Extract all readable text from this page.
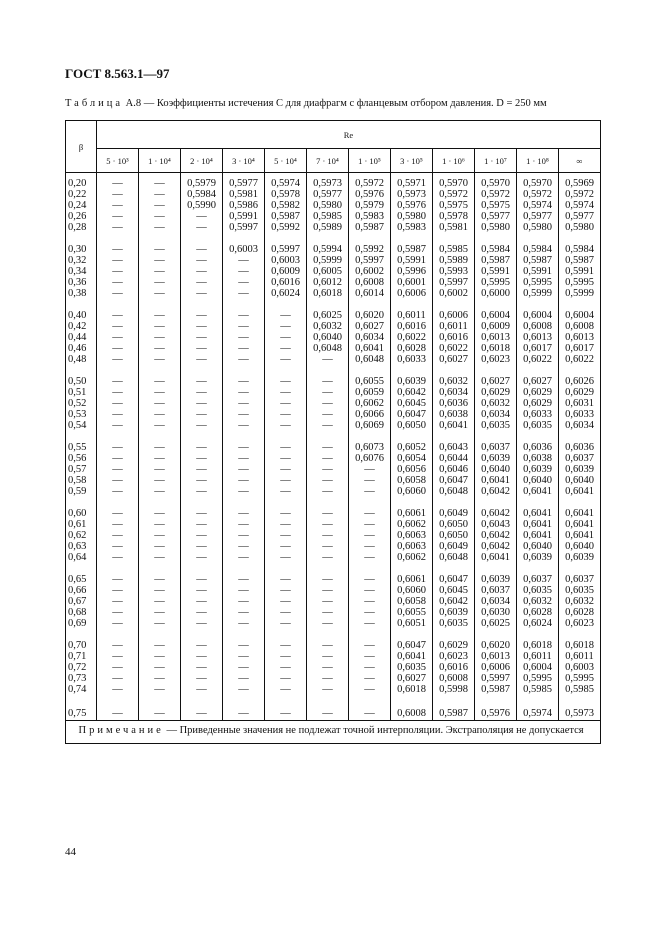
ГОСТ 8.563.1—97
Таблица А.8 — Коэффициенты истечения C для диафрагм с фланцевым отбором давления. D = 250 мм
β	Re											
	5 · 10³	1 · 10⁴	2 · 10⁴	3 · 10⁴	5 · 10⁴	7 · 10⁴	1 · 10⁵	3 · 10⁵	1 · 10⁶	1 · 10⁷	1 · 10⁸	∞

0,20	—	—	0,5979	0,5977	0,5974	0,5973	0,5972	0,5971	0,5970	0,5970	0,5970	0,5969
0,22	—	—	0,5984	0,5981	0,5978	0,5977	0,5976	0,5973	0,5972	0,5972	0,5972	0,5972
0,24	—	—	0,5990	0,5986	0,5982	0,5980	0,5979	0,5976	0,5975	0,5975	0,5974	0,5974
0,26	—	—	—	0,5991	0,5987	0,5985	0,5983	0,5980	0,5978	0,5977	0,5977	0,5977
0,28	—	—	—	0,5997	0,5992	0,5989	0,5987	0,5983	0,5981	0,5980	0,5980	0,5980

0,30	—	—	—	0,6003	0,5997	0,5994	0,5992	0,5987	0,5985	0,5984	0,5984	0,5984
0,32	—	—	—	—	0,6003	0,5999	0,5997	0,5991	0,5989	0,5987	0,5987	0,5987
0,34	—	—	—	—	0,6009	0,6005	0,6002	0,5996	0,5993	0,5991	0,5991	0,5991
0,36	—	—	—	—	0,6016	0,6012	0,6008	0,6001	0,5997	0,5995	0,5995	0,5995
0,38	—	—	—	—	0,6024	0,6018	0,6014	0,6006	0,6002	0,6000	0,5999	0,5999

0,40	—	—	—	—	—	0,6025	0,6020	0,6011	0,6006	0,6004	0,6004	0,6004
0,42	—	—	—	—	—	0,6032	0,6027	0,6016	0,6011	0,6009	0,6008	0,6008
0,44	—	—	—	—	—	0,6040	0,6034	0,6022	0,6016	0,6013	0,6013	0,6013
0,46	—	—	—	—	—	0,6048	0,6041	0,6028	0,6022	0,6018	0,6017	0,6017
0,48	—	—	—	—	—	—	0,6048	0,6033	0,6027	0,6023	0,6022	0,6022

0,50	—	—	—	—	—	—	0,6055	0,6039	0,6032	0,6027	0,6027	0,6026
0,51	—	—	—	—	—	—	0,6059	0,6042	0,6034	0,6029	0,6029	0,6029
0,52	—	—	—	—	—	—	0,6062	0,6045	0,6036	0,6032	0,6029	0,6031
0,53	—	—	—	—	—	—	0,6066	0,6047	0,6038	0,6034	0,6033	0,6033
0,54	—	—	—	—	—	—	0,6069	0,6050	0,6041	0,6035	0,6035	0,6034

0,55	—	—	—	—	—	—	0,6073	0,6052	0,6043	0,6037	0,6036	0,6036
0,56	—	—	—	—	—	—	0,6076	0,6054	0,6044	0,6039	0,6038	0,6037
0,57	—	—	—	—	—	—	—	0,6056	0,6046	0,6040	0,6039	0,6039
0,58	—	—	—	—	—	—	—	0,6058	0,6047	0,6041	0,6040	0,6040
0,59	—	—	—	—	—	—	—	0,6060	0,6048	0,6042	0,6041	0,6041

0,60	—	—	—	—	—	—	—	0,6061	0,6049	0,6042	0,6041	0,6041
0,61	—	—	—	—	—	—	—	0,6062	0,6050	0,6043	0,6041	0,6041
0,62	—	—	—	—	—	—	—	0,6063	0,6050	0,6042	0,6041	0,6041
0,63	—	—	—	—	—	—	—	0,6063	0,6049	0,6042	0,6040	0,6040
0,64	—	—	—	—	—	—	—	0,6062	0,6048	0,6041	0,6039	0,6039

0,65	—	—	—	—	—	—	—	0,6061	0,6047	0,6039	0,6037	0,6037
0,66	—	—	—	—	—	—	—	0,6060	0,6045	0,6037	0,6035	0,6035
0,67	—	—	—	—	—	—	—	0,6058	0,6042	0,6034	0,6032	0,6032
0,68	—	—	—	—	—	—	—	0,6055	0,6039	0,6030	0,6028	0,6028
0,69	—	—	—	—	—	—	—	0,6051	0,6035	0,6025	0,6024	0,6023

0,70	—	—	—	—	—	—	—	0,6047	0,6029	0,6020	0,6018	0,6018
0,71	—	—	—	—	—	—	—	0,6041	0,6023	0,6013	0,6011	0,6011
0,72	—	—	—	—	—	—	—	0,6035	0,6016	0,6006	0,6004	0,6003
0,73	—	—	—	—	—	—	—	0,6027	0,6008	0,5997	0,5995	0,5995
0,74	—	—	—	—	—	—	—	0,6018	0,5998	0,5987	0,5985	0,5985

0,75	—	—	—	—	—	—	—	0,6008	0,5987	0,5976	0,5974	0,5973
Примечание — Приведенные значения не подлежат точной интерполяции. Экстраполяция не допускается												
44
